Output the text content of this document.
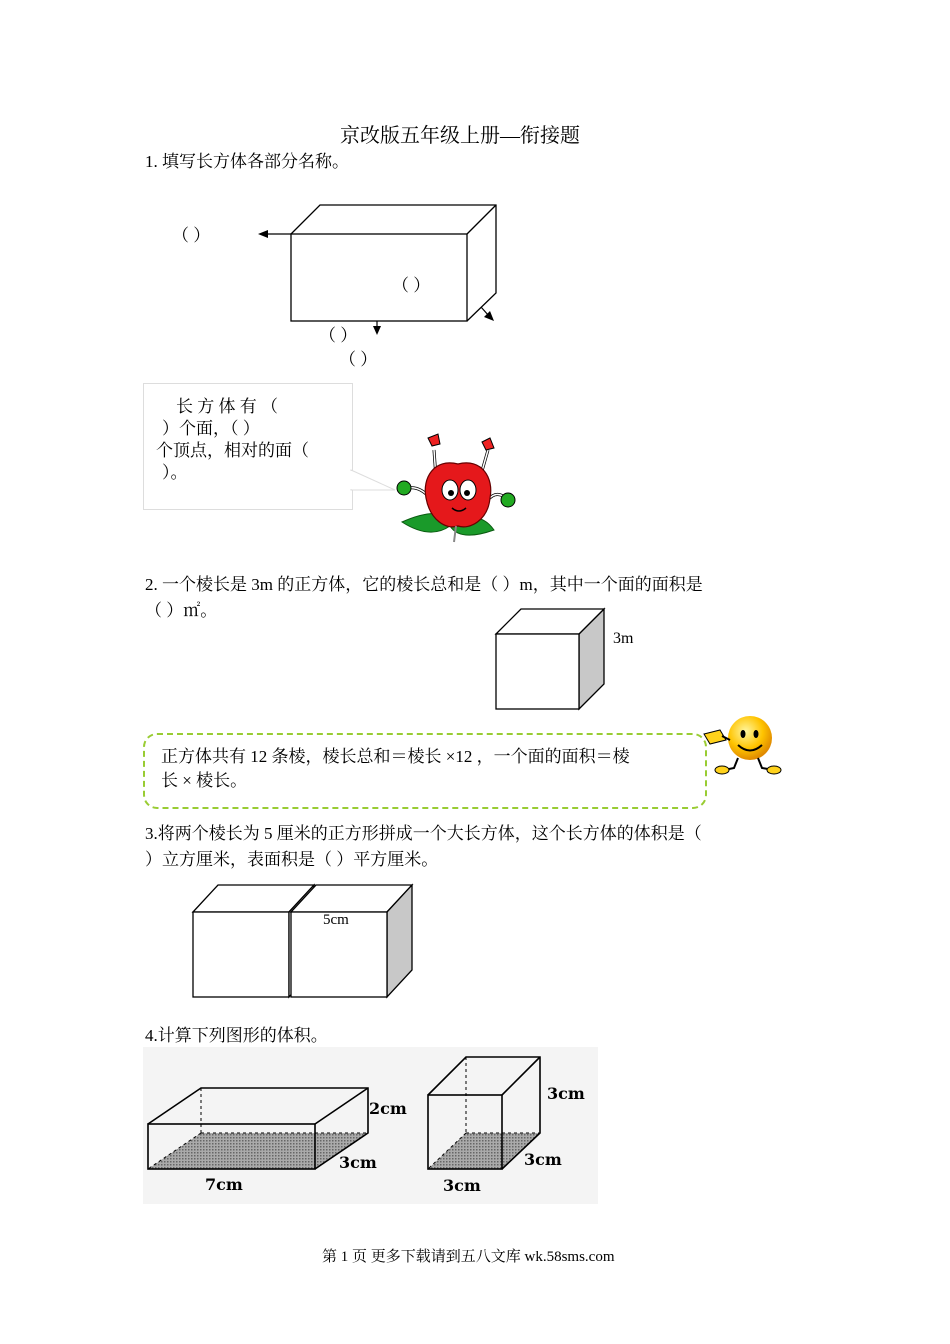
京改版五年级上册—衔接题
1. 填写长方体各部分名称。
（ ）
（ ）
（ ）
（ ）
长 方 体 有 （
）个面，（ ）
个顶点，相对的面（
）。
2. 一个棱长是 3m 的正方体，它的棱长总和是（ ）m，其中一个面的面积是
（ ）㎡。
3m
正方体共有 12 条棱，棱长总和＝棱长 ×12 ，一个面的面积＝棱
长 × 棱长。
3.将两个棱长为 5 厘米的正方形拼成一个大长方体，这个长方体的体积是（
）立方厘米，表面积是（ ）平方厘米。
5cm
4.计算下列图形的体积。
2cm
3cm
7cm
3cm
3cm
3cm
第 1 页 更多下载请到五八文库 wk.58sms.com
